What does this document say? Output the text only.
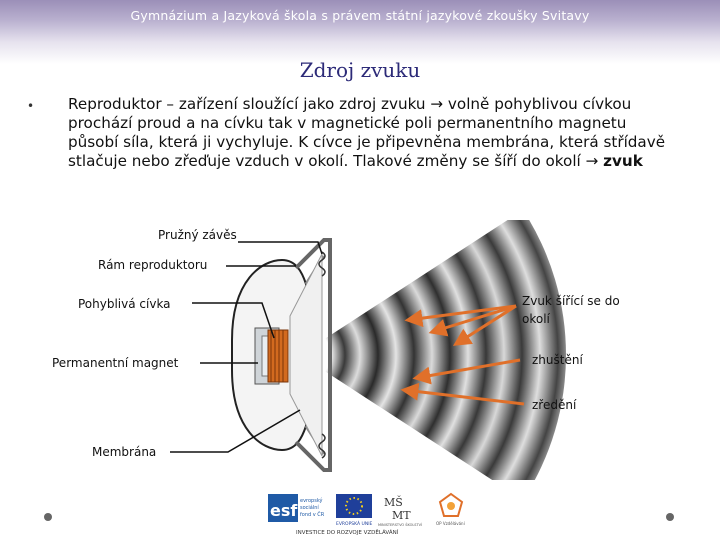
Gymnázium a Jazyková škola s právem státní jazykové zkoušky Svitavy
Zdroj zvuku
• Reproduktor – zařízení sloužící jako zdroj zvuku → volně pohyblivou cívkou prochází proud a na cívku tak v magnetické poli permanentního magnetu působí síla, která ji vychyluje. K cívce je připevněna membrána, která střídavě stlačuje nebo zřeďuje vzduch v okolí. Tlakové změny se šíří do okolí → zvuk
Pružný závěs
Rám reproduktoru
Pohyblivá cívka
Permanentní magnet
Membrána
Zvuk šířící se do
okolí
zhuštění
zředění
esf evropský
sociální
fond v ČR
EVROPSKÁ UNIE
MŠ
MT
MINISTERSTVO ŠKOLSTVÍ	OP Vzdělávání
INVESTICE DO ROZVOJE VZDĚLÁVÁNÍ
